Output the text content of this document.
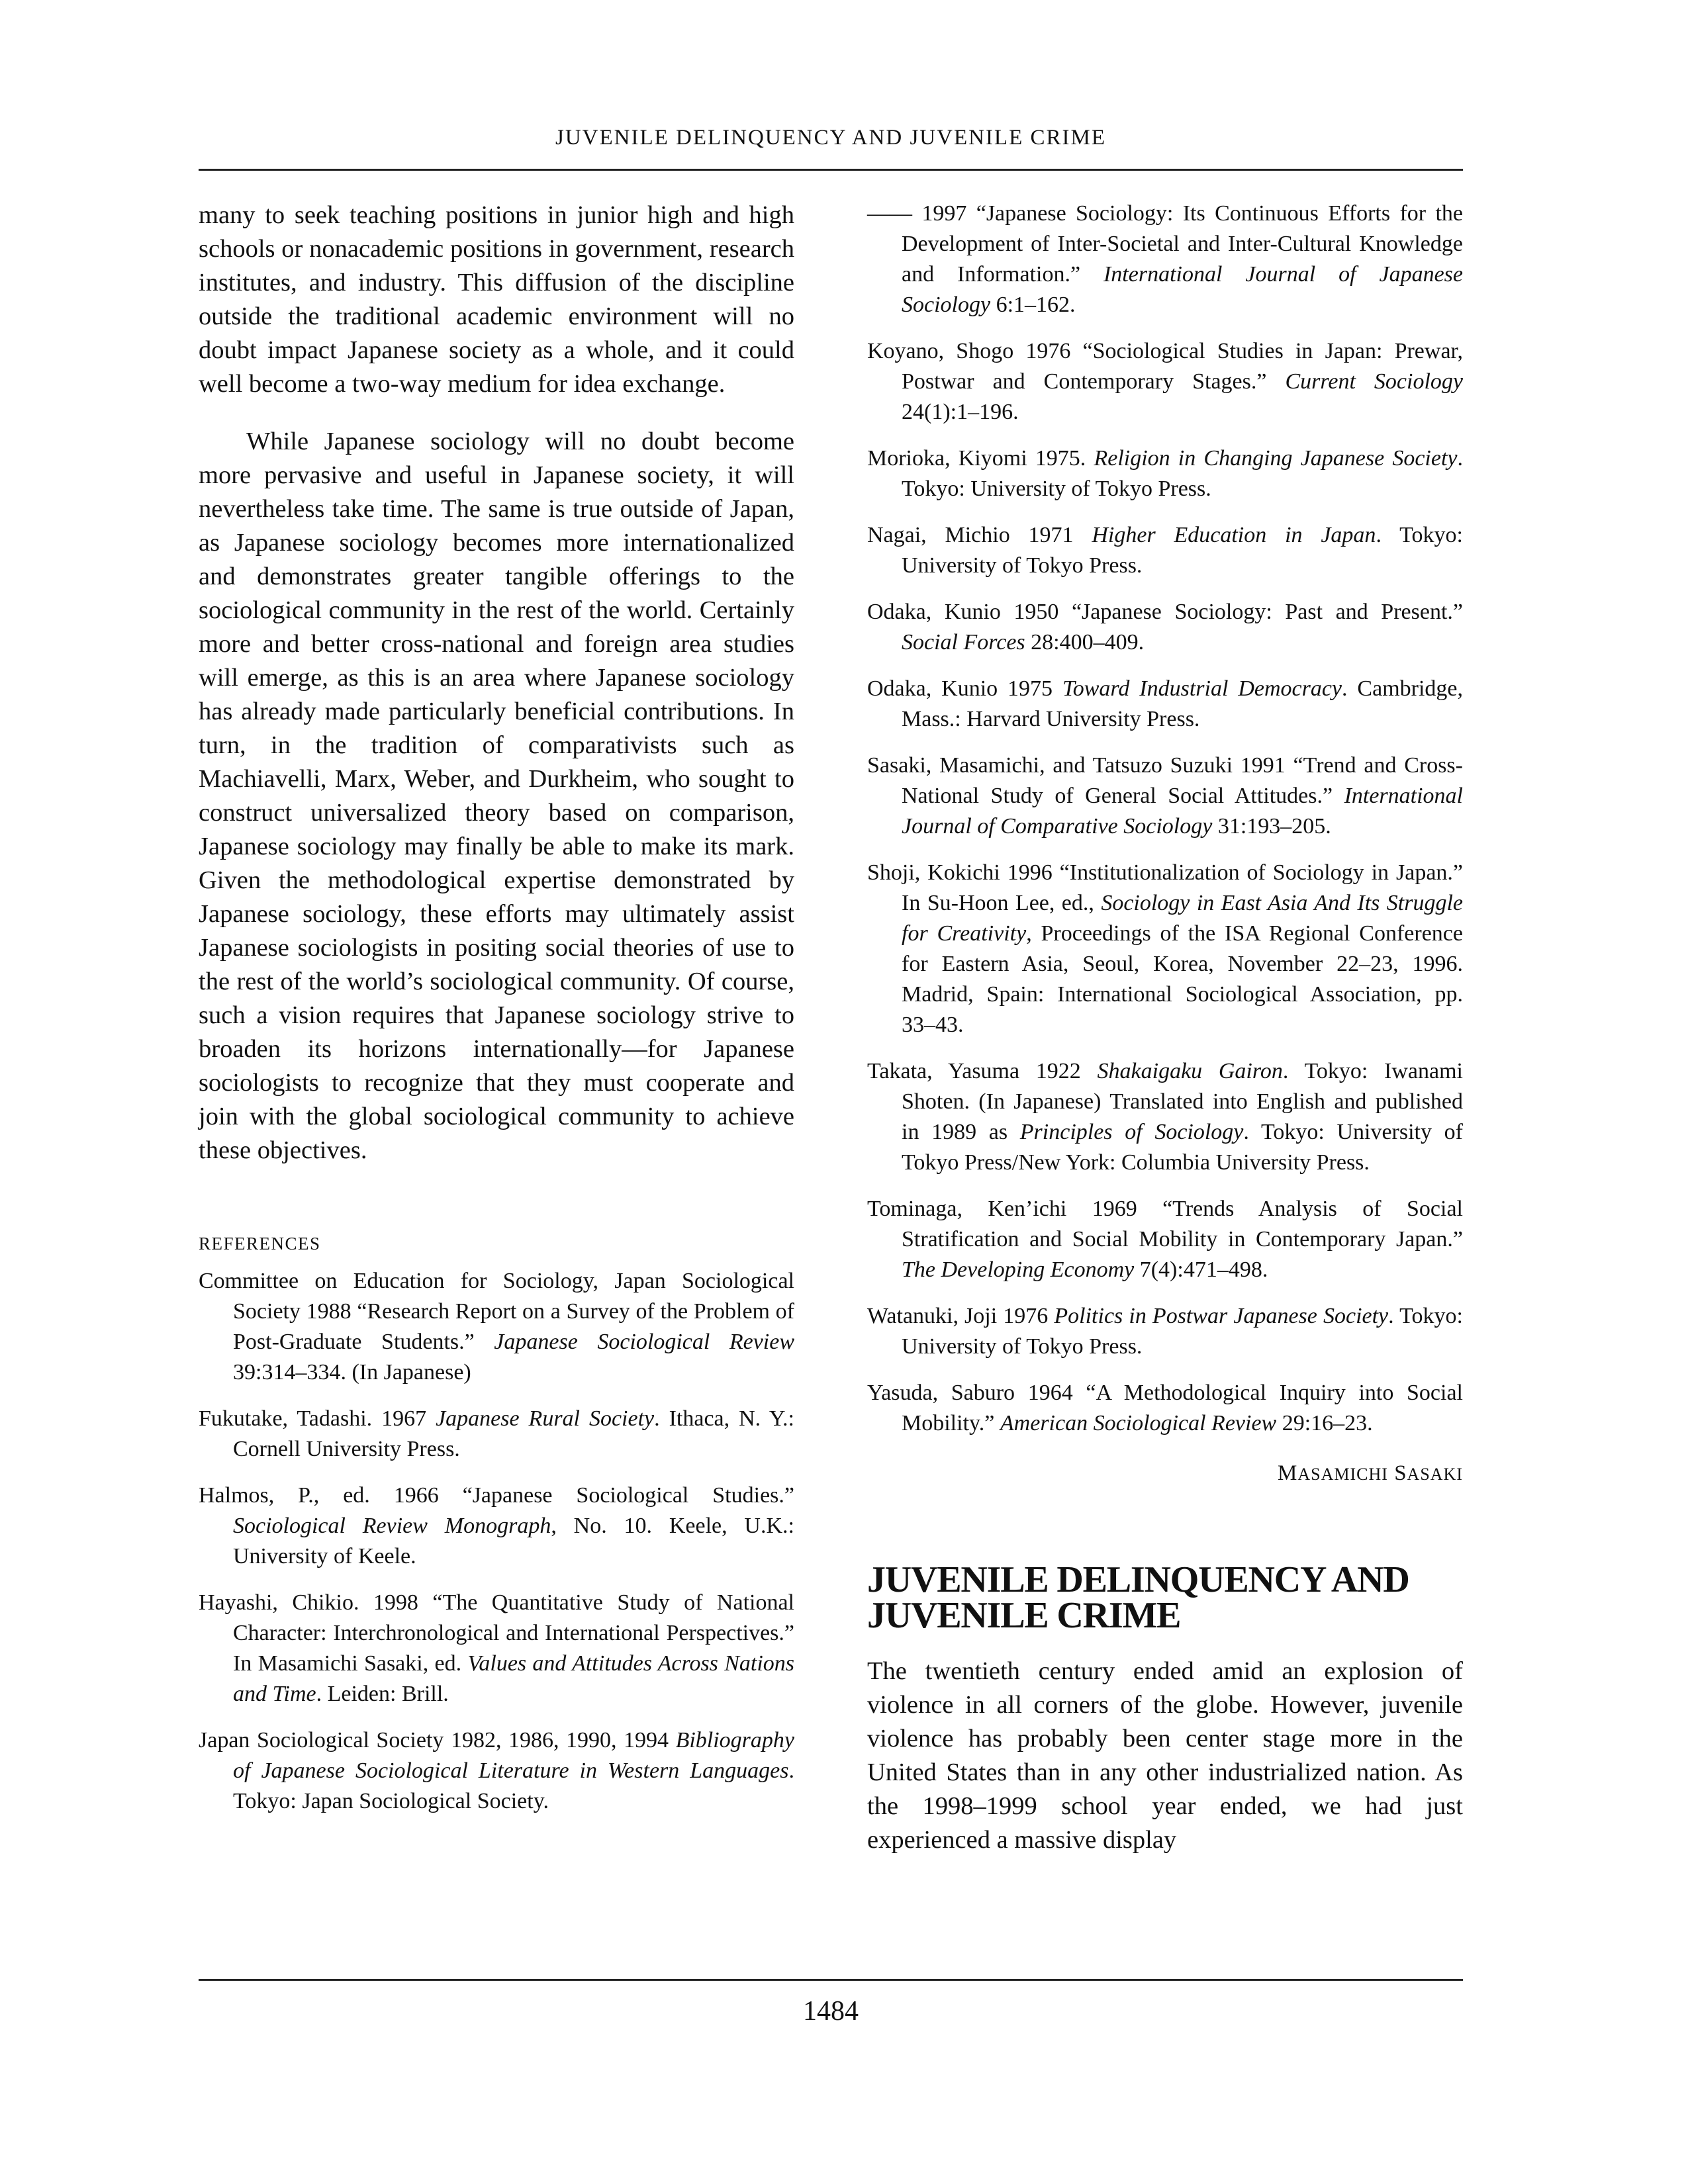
JUVENILE DELINQUENCY AND JUVENILE CRIME

many to seek teaching positions in junior high and high schools or nonacademic positions in government, research institutes, and industry. This diffusion of the discipline outside the traditional academic environment will no doubt impact Japanese society as a whole, and it could well become a two-way medium for idea exchange.

While Japanese sociology will no doubt become more pervasive and useful in Japanese society, it will nevertheless take time. The same is true outside of Japan, as Japanese sociology becomes more internationalized and demonstrates greater tangible offerings to the sociological community in the rest of the world. Certainly more and better cross-national and foreign area studies will emerge, as this is an area where Japanese sociology has already made particularly beneficial contributions. In turn, in the tradition of comparativists such as Machiavelli, Marx, Weber, and Durkheim, who sought to construct universalized theory based on comparison, Japanese sociology may finally be able to make its mark. Given the methodological expertise demonstrated by Japanese sociology, these efforts may ultimately assist Japanese sociologists in positing social theories of use to the rest of the world’s sociological community. Of course, such a vision requires that Japanese sociology strive to broaden its horizons internationally—for Japanese sociologists to recognize that they must cooperate and join with the global sociological community to achieve these objectives.

REFERENCES

Committee on Education for Sociology, Japan Sociological Society 1988 “Research Report on a Survey of the Problem of Post-Graduate Students.” Japanese Sociological Review 39:314–334. (In Japanese)

Fukutake, Tadashi. 1967 Japanese Rural Society. Ithaca, N. Y.: Cornell University Press.

Halmos, P., ed. 1966 “Japanese Sociological Studies.” Sociological Review Monograph, No. 10. Keele, U.K.: University of Keele.

Hayashi, Chikio. 1998 “The Quantitative Study of National Character: Interchronological and International Perspectives.” In Masamichi Sasaki, ed. Values and Attitudes Across Nations and Time. Leiden: Brill.

Japan Sociological Society 1982, 1986, 1990, 1994 Bibliography of Japanese Sociological Literature in Western Languages. Tokyo: Japan Sociological Society.

—— 1997 “Japanese Sociology: Its Continuous Efforts for the Development of Inter-Societal and Inter-Cultural Knowledge and Information.” International Journal of Japanese Sociology 6:1–162.

Koyano, Shogo 1976 “Sociological Studies in Japan: Prewar, Postwar and Contemporary Stages.” Current Sociology 24(1):1–196.

Morioka, Kiyomi 1975. Religion in Changing Japanese Society. Tokyo: University of Tokyo Press.

Nagai, Michio 1971 Higher Education in Japan. Tokyo: University of Tokyo Press.

Odaka, Kunio 1950 “Japanese Sociology: Past and Present.” Social Forces 28:400–409.

Odaka, Kunio 1975 Toward Industrial Democracy. Cambridge, Mass.: Harvard University Press.

Sasaki, Masamichi, and Tatsuzo Suzuki 1991 “Trend and Cross-National Study of General Social Attitudes.” International Journal of Comparative Sociology 31:193–205.

Shoji, Kokichi 1996 “Institutionalization of Sociology in Japan.” In Su-Hoon Lee, ed., Sociology in East Asia And Its Struggle for Creativity, Proceedings of the ISA Regional Conference for Eastern Asia, Seoul, Korea, November 22–23, 1996. Madrid, Spain: International Sociological Association, pp. 33–43.

Takata, Yasuma 1922 Shakaigaku Gairon. Tokyo: Iwanami Shoten. (In Japanese) Translated into English and published in 1989 as Principles of Sociology. Tokyo: University of Tokyo Press/New York: Columbia University Press.

Tominaga, Ken’ichi 1969 “Trends Analysis of Social Stratification and Social Mobility in Contemporary Japan.” The Developing Economy 7(4):471–498.

Watanuki, Joji 1976 Politics in Postwar Japanese Society. Tokyo: University of Tokyo Press.

Yasuda, Saburo 1964 “A Methodological Inquiry into Social Mobility.” American Sociological Review 29:16–23.

MASAMICHI SASAKI
JUVENILE DELINQUENCY AND
JUVENILE CRIME

The twentieth century ended amid an explosion of violence in all corners of the globe. However, juvenile violence has probably been center stage more in the United States than in any other industrialized nation. As the 1998–1999 school year ended, we had just experienced a massive display

1484
